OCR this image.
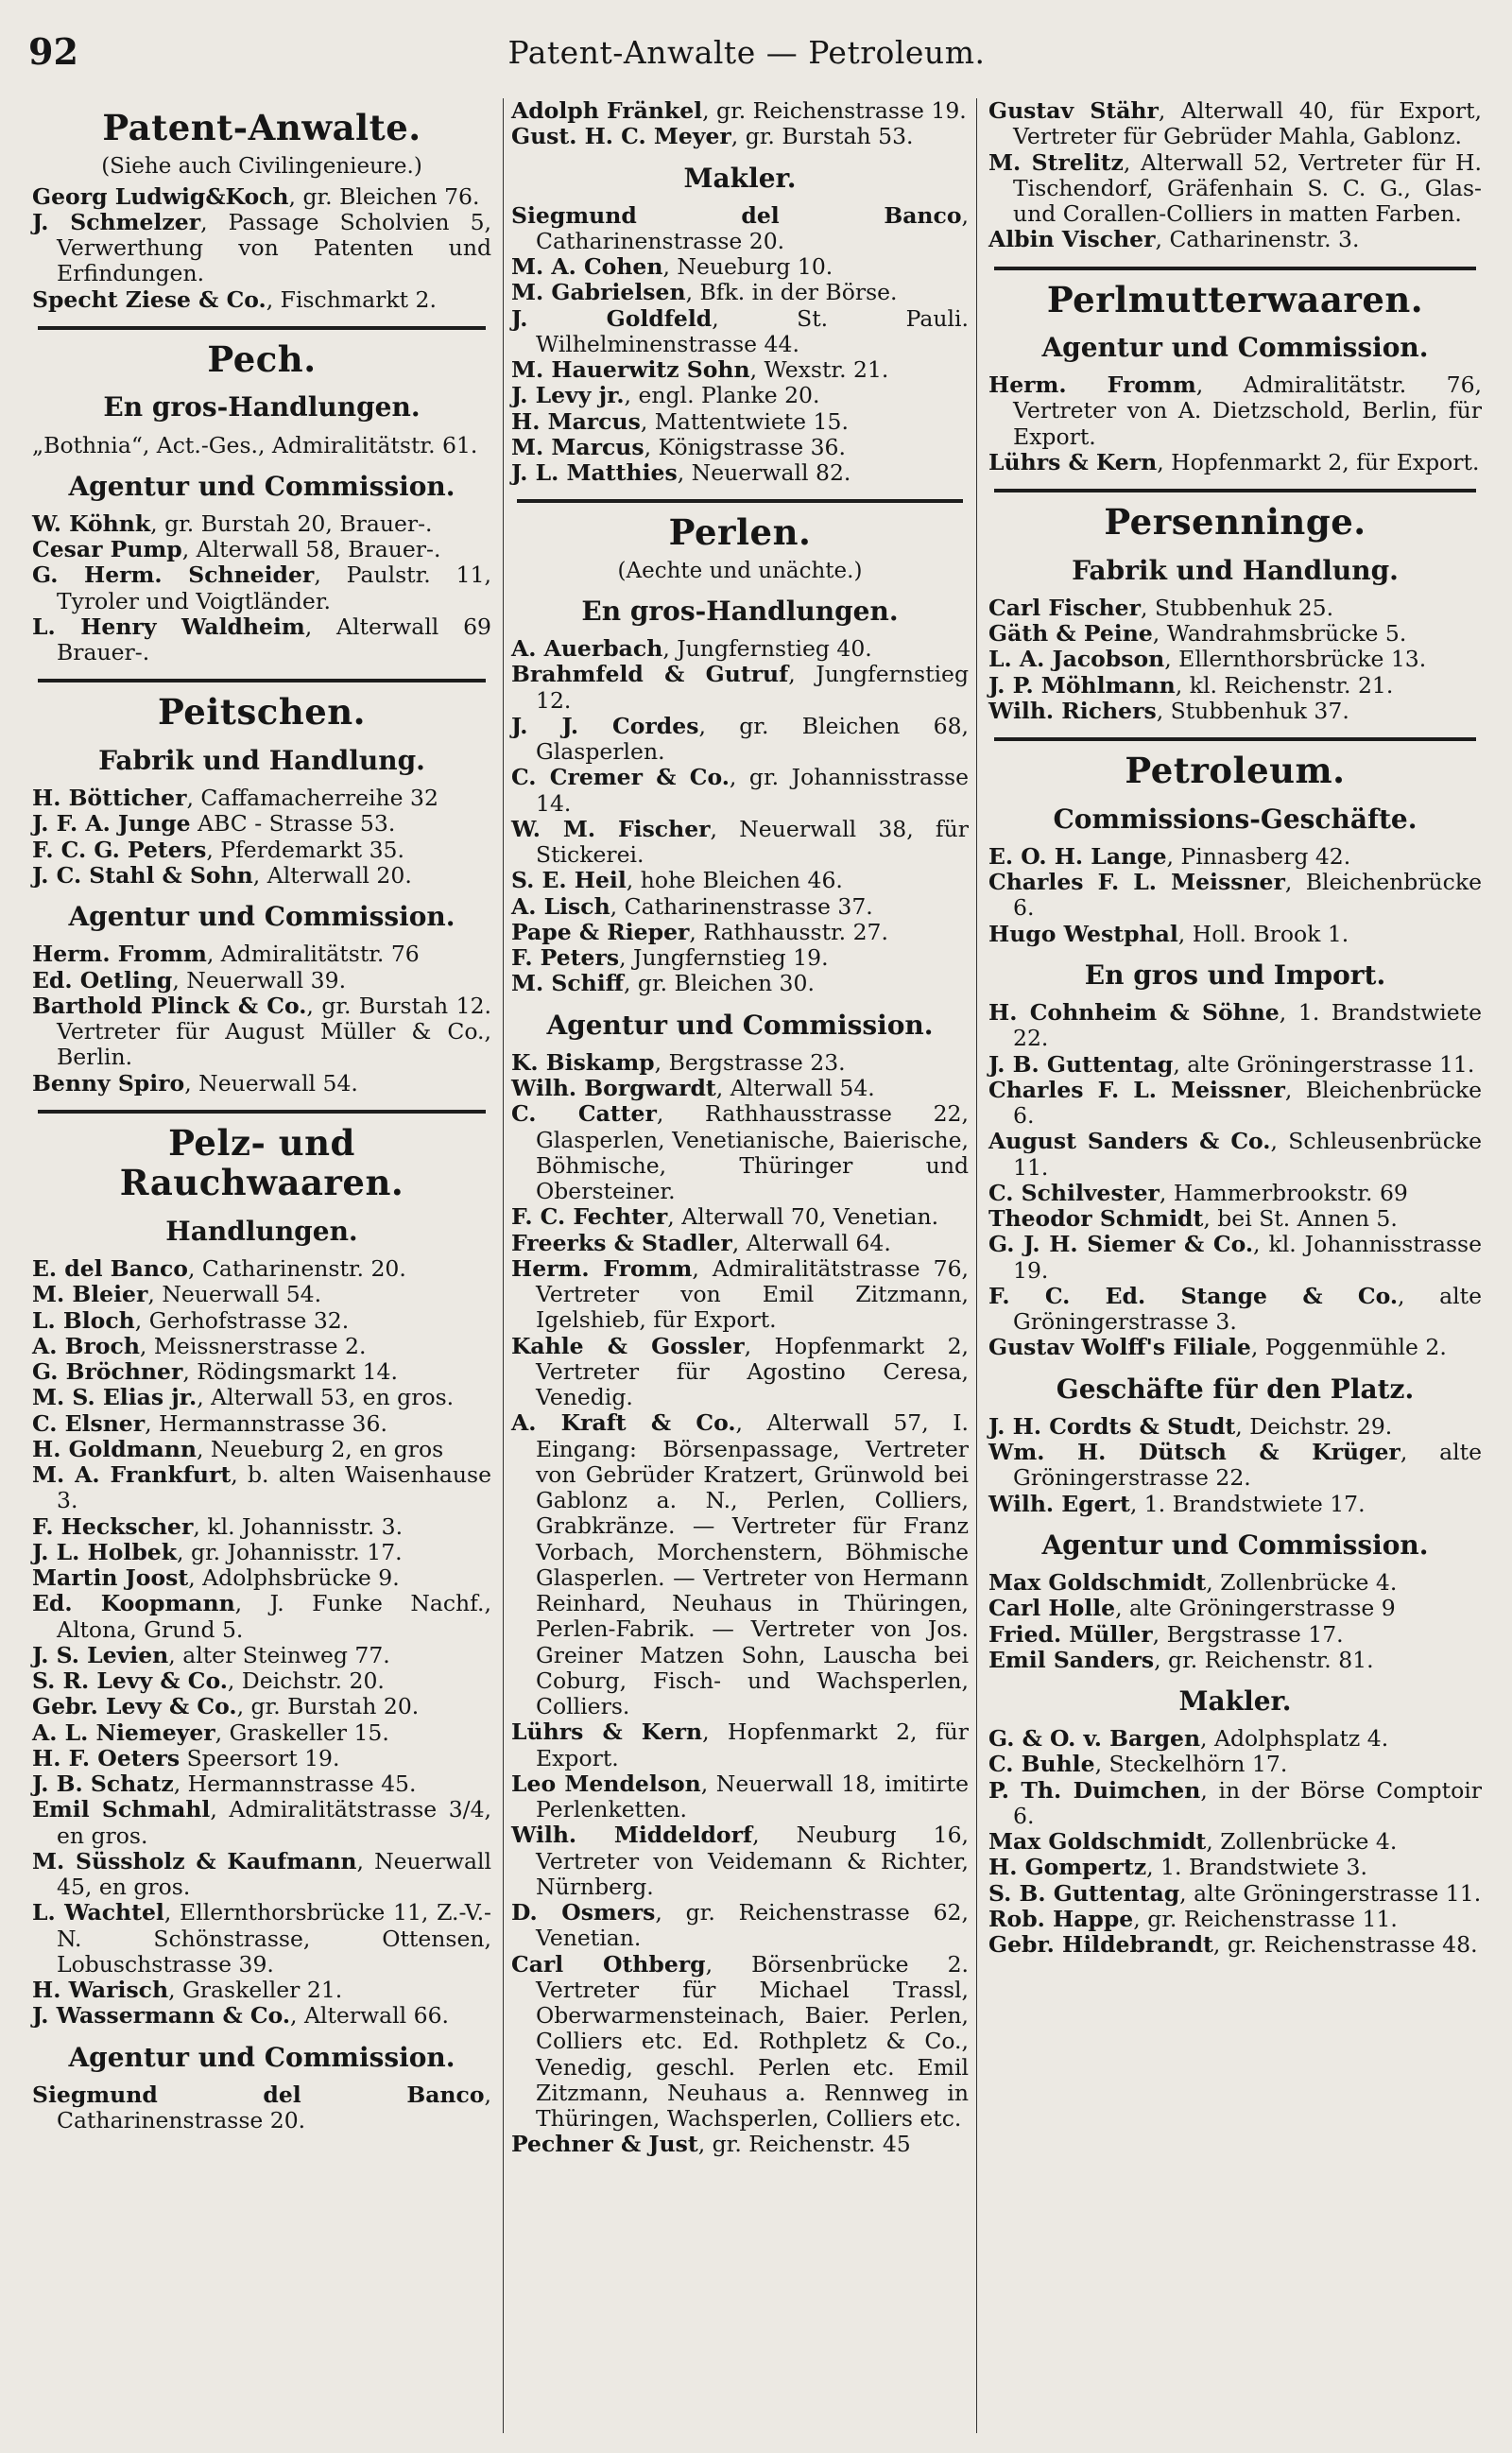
92	Patent-Anwalte — Petroleum.
Patent-Anwalte.
(Siehe auch Civilingenieure.)
Georg Ludwig&Koch, gr. Bleichen 76.
J. Schmelzer, Passage Scholvien 5, Verwerthung von Patenten und Erfindungen.
Specht Ziese & Co., Fischmarkt 2.
Pech.
En gros-Handlungen.
„Bothnia“, Act.-Ges., Admiralitätstr. 61.
Agentur und Commission.
W. Köhnk, gr. Burstah 20, Brauer-.
Cesar Pump, Alterwall 58, Brauer-.
G. Herm. Schneider, Paulstr. 11, Tyroler und Voigtländer.
L. Henry Waldheim, Alterwall 69 Brauer-.
Peitschen.
Fabrik und Handlung.
H. Bötticher, Caffamacherreihe 32
J. F. A. Junge ABC - Strasse 53.
F. C. G. Peters, Pferdemarkt 35.
J. C. Stahl & Sohn, Alterwall 20.
Agentur und Commission.
Herm. Fromm, Admiralitätstr. 76
Ed. Oetling, Neuerwall 39.
Barthold Plinck & Co., gr. Burstah 12. Vertreter für August Müller & Co., Berlin.
Benny Spiro, Neuerwall 54.
Pelz- und Rauchwaaren.
Handlungen.
E. del Banco, Catharinenstr. 20.
M. Bleier, Neuerwall 54.
L. Bloch, Gerhofstrasse 32.
A. Broch, Meissnerstrasse 2.
G. Bröchner, Rödingsmarkt 14.
M. S. Elias jr., Alterwall 53, en gros.
C. Elsner, Hermannstrasse 36.
H. Goldmann, Neueburg 2, en gros
M. A. Frankfurt, b. alten Waisenhause 3.
F. Heckscher, kl. Johannisstr. 3.
J. L. Holbek, gr. Johannisstr. 17.
Martin Joost, Adolphsbrücke 9.
Ed. Koopmann, J. Funke Nachf., Altona, Grund 5.
J. S. Levien, alter Steinweg 77.
S. R. Levy & Co., Deichstr. 20.
Gebr. Levy & Co., gr. Burstah 20.
A. L. Niemeyer, Graskeller 15.
H. F. Oeters Speersort 19.
J. B. Schatz, Hermannstrasse 45.
Emil Schmahl, Admiralitätstrasse 3/4, en gros.
M. Süssholz & Kaufmann, Neuerwall 45, en gros.
L. Wachtel, Ellernthorsbrücke 11, Z.-V.-N. Schönstrasse, Ottensen, Lobuschstrasse 39.
H. Warisch, Graskeller 21.
J. Wassermann & Co., Alterwall 66.
Agentur und Commission.
Siegmund del Banco, Catharinenstrasse 20.
Adolph Fränkel, gr. Reichenstrasse 19.
Gust. H. C. Meyer, gr. Burstah 53.
Makler.
Siegmund del Banco, Catharinenstrasse 20.
M. A. Cohen, Neueburg 10.
M. Gabrielsen, Bfk. in der Börse.
J. Goldfeld, St. Pauli. Wilhelminenstrasse 44.
M. Hauerwitz Sohn, Wexstr. 21.
J. Levy jr., engl. Planke 20.
H. Marcus, Mattentwiete 15.
M. Marcus, Königstrasse 36.
J. L. Matthies, Neuerwall 82.
Perlen.
(Aechte und unächte.)
En gros-Handlungen.
A. Auerbach, Jungfernstieg 40.
Brahmfeld & Gutruf, Jungfernstieg 12.
J. J. Cordes, gr. Bleichen 68, Glasperlen.
C. Cremer & Co., gr. Johannisstrasse 14.
W. M. Fischer, Neuerwall 38, für Stickerei.
S. E. Heil, hohe Bleichen 46.
A. Lisch, Catharinenstrasse 37.
Pape & Rieper, Rathhausstr. 27.
F. Peters, Jungfernstieg 19.
M. Schiff, gr. Bleichen 30.
Agentur und Commission.
K. Biskamp, Bergstrasse 23.
Wilh. Borgwardt, Alterwall 54.
C. Catter, Rathhausstrasse 22, Glasperlen, Venetianische, Baierische, Böhmische, Thüringer und Obersteiner.
F. C. Fechter, Alterwall 70, Venetian.
Freerks & Stadler, Alterwall 64.
Herm. Fromm, Admiralitätstrasse 76, Vertreter von Emil Zitzmann, Igelshieb, für Export.
Kahle & Gossler, Hopfenmarkt 2, Vertreter für Agostino Ceresa, Venedig.
A. Kraft & Co., Alterwall 57, I. Eingang: Börsenpassage, Vertreter von Gebrüder Kratzert, Grünwold bei Gablonz a. N., Perlen, Colliers, Grabkränze. — Vertreter für Franz Vorbach, Morchenstern, Böhmische Glasperlen. — Vertreter von Hermann Reinhard, Neuhaus in Thüringen, Perlen-Fabrik. — Vertreter von Jos. Greiner Matzen Sohn, Lauscha bei Coburg, Fisch- und Wachsperlen, Colliers.
Lührs & Kern, Hopfenmarkt 2, für Export.
Leo Mendelson, Neuerwall 18, imitirte Perlenketten.
Wilh. Middeldorf, Neuburg 16, Vertreter von Veidemann & Richter, Nürnberg.
D. Osmers, gr. Reichenstrasse 62, Venetian.
Carl Othberg, Börsenbrücke 2. Vertreter für Michael Trassl, Oberwarmensteinach, Baier. Perlen, Colliers etc. Ed. Rothpletz & Co., Venedig, geschl. Perlen etc. Emil Zitzmann, Neuhaus a. Rennweg in Thüringen, Wachsperlen, Colliers etc.
Pechner & Just, gr. Reichenstr. 45
Gustav Stähr, Alterwall 40, für Export, Vertreter für Gebrüder Mahla, Gablonz.
M. Strelitz, Alterwall 52, Vertreter für H. Tischendorf, Gräfenhain S. C. G., Glas- und Corallen-Colliers in matten Farben.
Albin Vischer, Catharinenstr. 3.
Perlmutterwaaren.
Agentur und Commission.
Herm. Fromm, Admiralitätstr. 76, Vertreter von A. Dietzschold, Berlin, für Export.
Lührs & Kern, Hopfenmarkt 2, für Export.
Persenninge.
Fabrik und Handlung.
Carl Fischer, Stubbenhuk 25.
Gäth & Peine, Wandrahmsbrücke 5.
L. A. Jacobson, Ellernthorsbrücke 13.
J. P. Möhlmann, kl. Reichenstr. 21.
Wilh. Richers, Stubbenhuk 37.
Petroleum.
Commissions-Geschäfte.
E. O. H. Lange, Pinnasberg 42.
Charles F. L. Meissner, Bleichenbrücke 6.
Hugo Westphal, Holl. Brook 1.
En gros und Import.
H. Cohnheim & Söhne, 1. Brandstwiete 22.
J. B. Guttentag, alte Gröningerstrasse 11.
Charles F. L. Meissner, Bleichenbrücke 6.
August Sanders & Co., Schleusenbrücke 11.
C. Schilvester, Hammerbrookstr. 69
Theodor Schmidt, bei St. Annen 5.
G. J. H. Siemer & Co., kl. Johannisstrasse 19.
F. C. Ed. Stange & Co., alte Gröningerstrasse 3.
Gustav Wolff's Filiale, Poggenmühle 2.
Geschäfte für den Platz.
J. H. Cordts & Studt, Deichstr. 29.
Wm. H. Dütsch & Krüger, alte Gröningerstrasse 22.
Wilh. Egert, 1. Brandstwiete 17.
Agentur und Commission.
Max Goldschmidt, Zollenbrücke 4.
Carl Holle, alte Gröningerstrasse 9
Fried. Müller, Bergstrasse 17.
Emil Sanders, gr. Reichenstr. 81.
Makler.
G. & O. v. Bargen, Adolphsplatz 4.
C. Buhle, Steckelhörn 17.
P. Th. Duimchen, in der Börse Comptoir 6.
Max Goldschmidt, Zollenbrücke 4.
H. Gompertz, 1. Brandstwiete 3.
S. B. Guttentag, alte Gröningerstrasse 11.
Rob. Happe, gr. Reichenstrasse 11.
Gebr. Hildebrandt, gr. Reichenstrasse 48.
